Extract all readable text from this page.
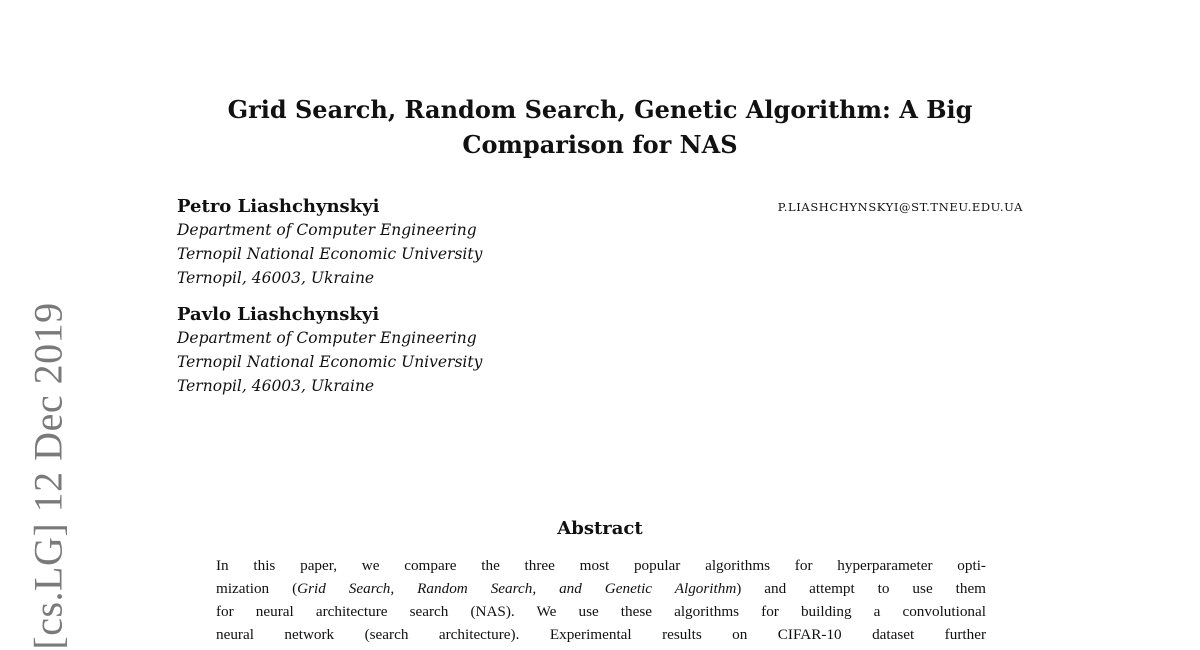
[cs.LG] 12 Dec 2019
Grid Search, Random Search, Genetic Algorithm: A Big
Comparison for NAS
Petro Liashchynskyi
Department of Computer Engineering
Ternopil National Economic University
Ternopil, 46003, Ukraine
P.LIASHCHYNSKYI@ST.TNEU.EDU.UA
Pavlo Liashchynskyi
Department of Computer Engineering
Ternopil National Economic University
Ternopil, 46003, Ukraine
Abstract
In this paper, we compare the three most popular algorithms for hyperparameter opti-
mization (Grid Search, Random Search, and Genetic Algorithm) and attempt to use them
for neural architecture search (NAS). We use these algorithms for building a convolutional
neural network (search architecture). Experimental results on CIFAR-10 dataset further
